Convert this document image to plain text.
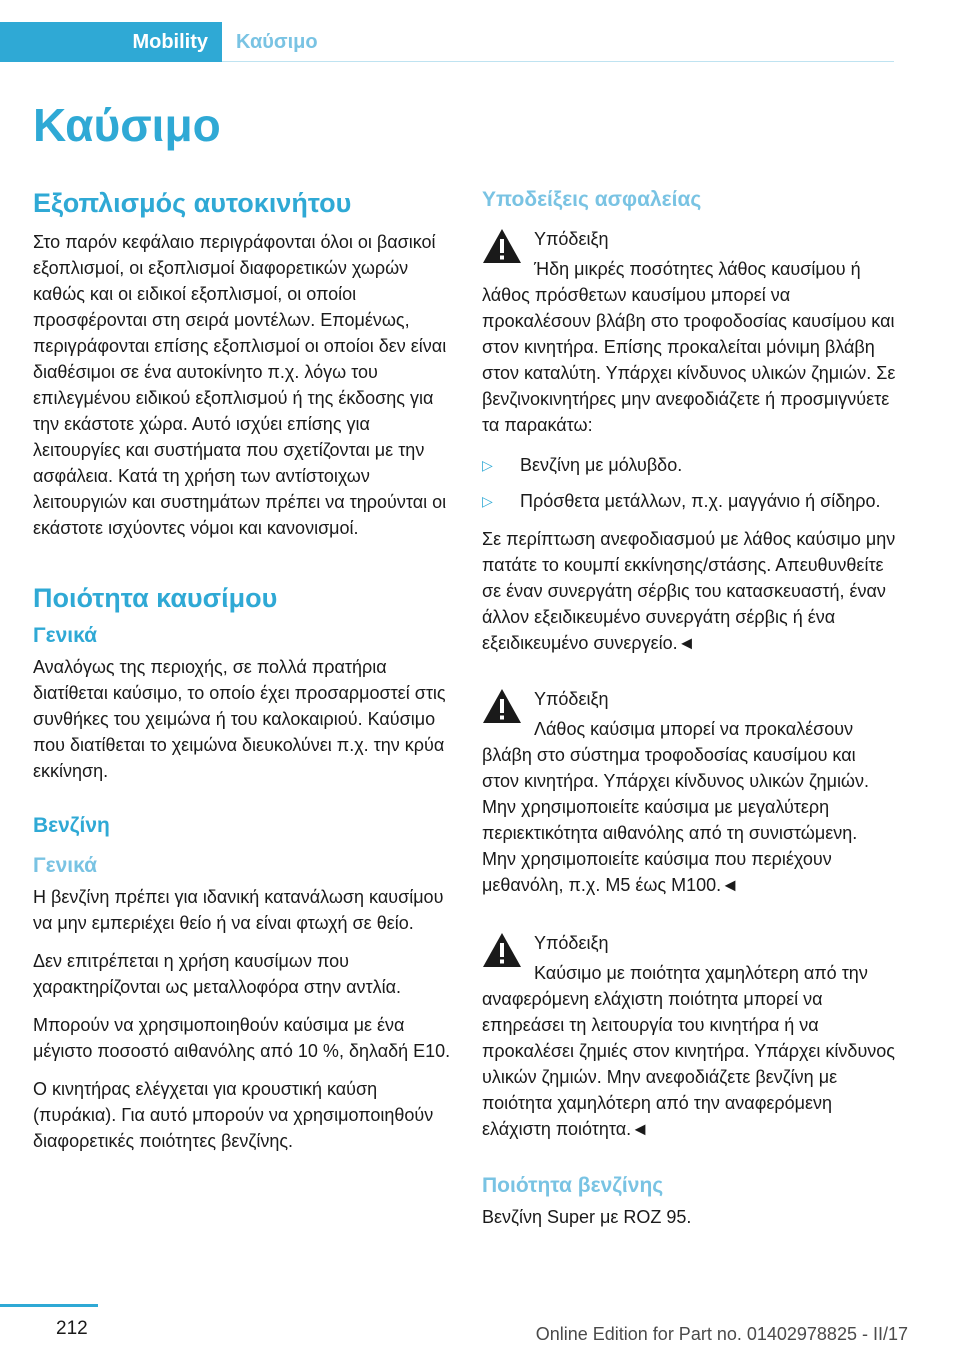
Mobility	Καύσιμο
Καύσιμο
Εξοπλισμός αυτοκινήτου

Στο παρόν κεφάλαιο περιγράφονται όλοι οι βασικοί εξοπλισμοί, οι εξοπλισμοί διαφορετικών χωρών καθώς και οι ειδικοί εξοπλισμοί, οι οποίοι προσφέρονται στη σειρά μοντέλων. Επομένως, περιγράφονται επίσης εξοπλισμοί οι οποίοι δεν είναι διαθέσιμοι σε ένα αυτοκίνητο π.χ. λόγω του επιλεγμένου ειδικού εξοπλισμού ή της έκδοσης για την εκάστοτε χώρα. Αυτό ισχύει επίσης για λειτουργίες και συστήματα που σχετίζονται με την ασφάλεια. Κατά τη χρήση των αντίστοιχων λειτουργιών και συστημάτων πρέπει να τηρούνται οι εκάστοτε ισχύοντες νόμοι και κανονισμοί.

Ποιότητα καυσίμου
Γενικά

Αναλόγως της περιοχής, σε πολλά πρατήρια διατίθεται καύσιμο, το οποίο έχει προσαρμοστεί στις συνθήκες του χειμώνα ή του καλοκαιριού. Καύσιμο που διατίθεται το χειμώνα διευκολύνει π.χ. την κρύα εκκίνηση.

Βενζίνη
Γενικά

Η βενζίνη πρέπει για ιδανική κατανάλωση καυσίμου να μην εμπεριέχει θείο ή να είναι φτωχή σε θείο.

Δεν επιτρέπεται η χρήση καυσίμων που χαρακτηρίζονται ως μεταλλοφόρα στην αντλία.

Μπορούν να χρησιμοποιηθούν καύσιμα με ένα μέγιστο ποσοστό αιθανόλης από 10 %, δηλαδή E10.

Ο κινητήρας ελέγχεται για κρουστική καύση (πυράκια). Για αυτό μπορούν να χρησιμοποιηθούν διαφορετικές ποιότητες βενζίνης.

Υποδείξεις ασφαλείας
Υπόδειξη

Ήδη μικρές ποσότητες λάθος καυσίμου ή λάθος πρόσθετων καυσίμου μπορεί να προκαλέσουν βλάβη στο τροφοδοσίας καυσίμου και στον κινητήρα. Επίσης προκαλείται μόνιμη βλάβη στον καταλύτη. Υπάρχει κίνδυνος υλικών ζημιών. Σε βενζινοκινητήρες μην ανεφοδιάζετε ή προσμιγνύετε τα παρακάτω:

▷ Βενζίνη με μόλυβδο.
▷ Πρόσθετα μετάλλων, π.χ. μαγγάνιο ή σίδηρο.

Σε περίπτωση ανεφοδιασμού με λάθος καύσιμο μην πατάτε το κουμπί εκκίνησης/στάσης. Απευθυνθείτε σε έναν συνεργάτη σέρβις του κατασκευαστή, έναν άλλον εξειδικευμένο συνεργάτη σέρβις ή ένα εξειδικευμένο συνεργείο.◄

Υπόδειξη

Λάθος καύσιμα μπορεί να προκαλέσουν βλάβη στο σύστημα τροφοδοσίας καυσίμου και στον κινητήρα. Υπάρχει κίνδυνος υλικών ζημιών. Μην χρησιμοποιείτε καύσιμα με μεγαλύτερη περιεκτικότητα αιθανόλης από τη συνιστώμενη. Μην χρησιμοποιείτε καύσιμα που περιέχουν μεθανόλη, π.χ. M5 έως M100.◄

Υπόδειξη

Καύσιμο με ποιότητα χαμηλότερη από την αναφερόμενη ελάχιστη ποιότητα μπορεί να επηρεάσει τη λειτουργία του κινητήρα ή να προκαλέσει ζημιές στον κινητήρα. Υπάρχει κίνδυνος υλικών ζημιών. Μην ανεφοδιάζετε βενζίνη με ποιότητα χαμηλότερη από την αναφερόμενη ελάχιστη ποιότητα.◄

Ποιότητα βενζίνης

Βενζίνη Super με ROZ 95.

212	Online Edition for Part no. 01402978825 - II/17
